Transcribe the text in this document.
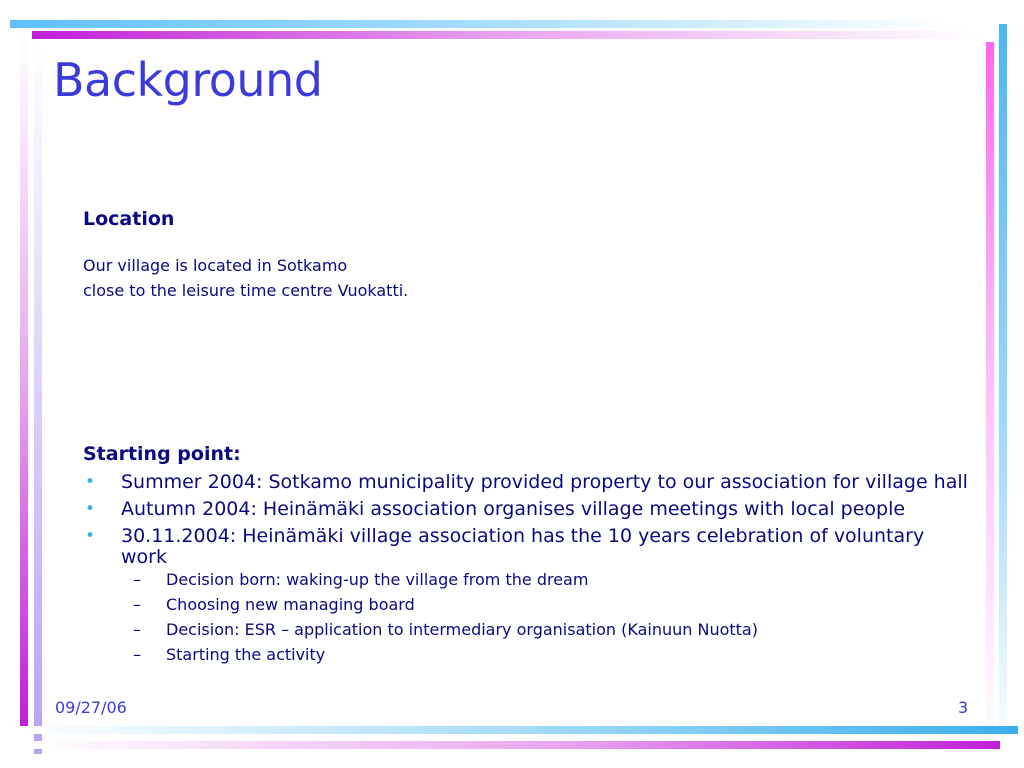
Background
Location
Our village is located in Sotkamo
close to the leisure time centre Vuokatti.
Starting point:
• Summer 2004: Sotkamo municipality provided property to our association for village hall
• Autumn 2004: Heinämäki association organises village meetings with local people
• 30.11.2004: Heinämäki village association has the 10 years celebration of voluntary work
– Decision born: waking-up the village from the dream
– Choosing new managing board
– Decision: ESR – application to intermediary organisation (Kainuun Nuotta)
– Starting the activity
09/27/06	3
